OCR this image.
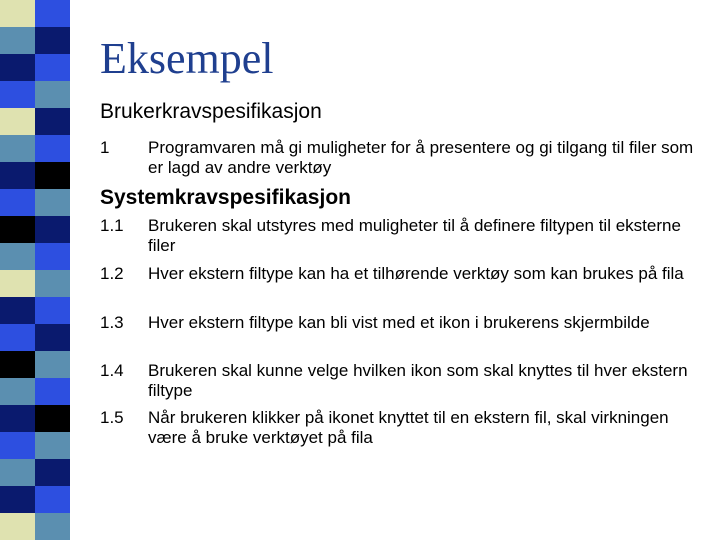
Eksempel
Brukerkravspesifikasjon
1	Programvaren må gi muligheter for å presentere og gi tilgang til filer som er lagd av andre verktøy
Systemkravspesifikasjon
1.1	Brukeren skal utstyres med muligheter til å definere filtypen til eksterne filer
1.2	Hver ekstern filtype kan ha et tilhørende verktøy som kan brukes på fila
1.3	Hver ekstern filtype kan bli vist med et ikon i brukerens skjermbilde
1.4	Brukeren skal kunne velge hvilken ikon som skal knyttes til hver ekstern filtype
1.5	Når brukeren klikker på ikonet knyttet til en ekstern fil, skal virkningen være å bruke verktøyet på fila
